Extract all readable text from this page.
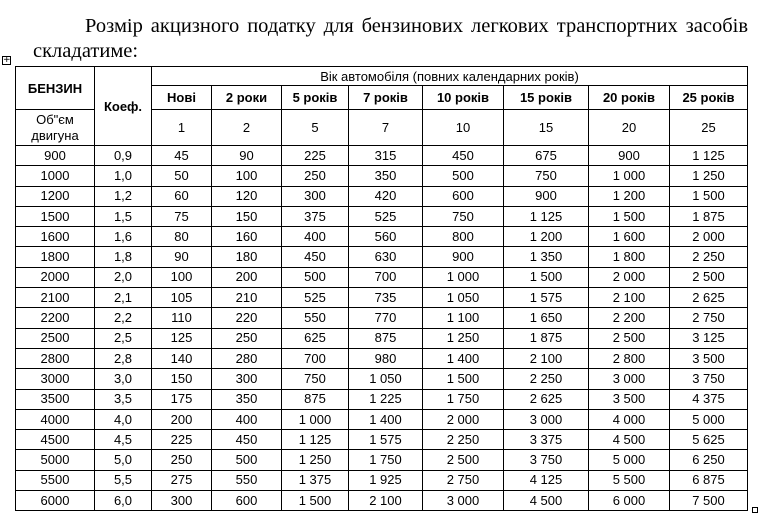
Розмір акцизного податку для бензинових легкових транспортних засобів складатиме:

+
БЕНЗИН	Коеф.	Вік автомобіля (повних календарних років)							
		Нові	2 роки	5 років	7 років	10 років	15 років	20 років	25 років
Об"єм двигуна		1	2	5	7	10	15	20	25
900	0,9	45	90	225	315	450	675	900	1 125
1000	1,0	50	100	250	350	500	750	1 000	1 250
1200	1,2	60	120	300	420	600	900	1 200	1 500
1500	1,5	75	150	375	525	750	1 125	1 500	1 875
1600	1,6	80	160	400	560	800	1 200	1 600	2 000
1800	1,8	90	180	450	630	900	1 350	1 800	2 250
2000	2,0	100	200	500	700	1 000	1 500	2 000	2 500
2100	2,1	105	210	525	735	1 050	1 575	2 100	2 625
2200	2,2	110	220	550	770	1 100	1 650	2 200	2 750
2500	2,5	125	250	625	875	1 250	1 875	2 500	3 125
2800	2,8	140	280	700	980	1 400	2 100	2 800	3 500
3000	3,0	150	300	750	1 050	1 500	2 250	3 000	3 750
3500	3,5	175	350	875	1 225	1 750	2 625	3 500	4 375
4000	4,0	200	400	1 000	1 400	2 000	3 000	4 000	5 000
4500	4,5	225	450	1 125	1 575	2 250	3 375	4 500	5 625
5000	5,0	250	500	1 250	1 750	2 500	3 750	5 000	6 250
5500	5,5	275	550	1 375	1 925	2 750	4 125	5 500	6 875
6000	6,0	300	600	1 500	2 100	3 000	4 500	6 000	7 500
